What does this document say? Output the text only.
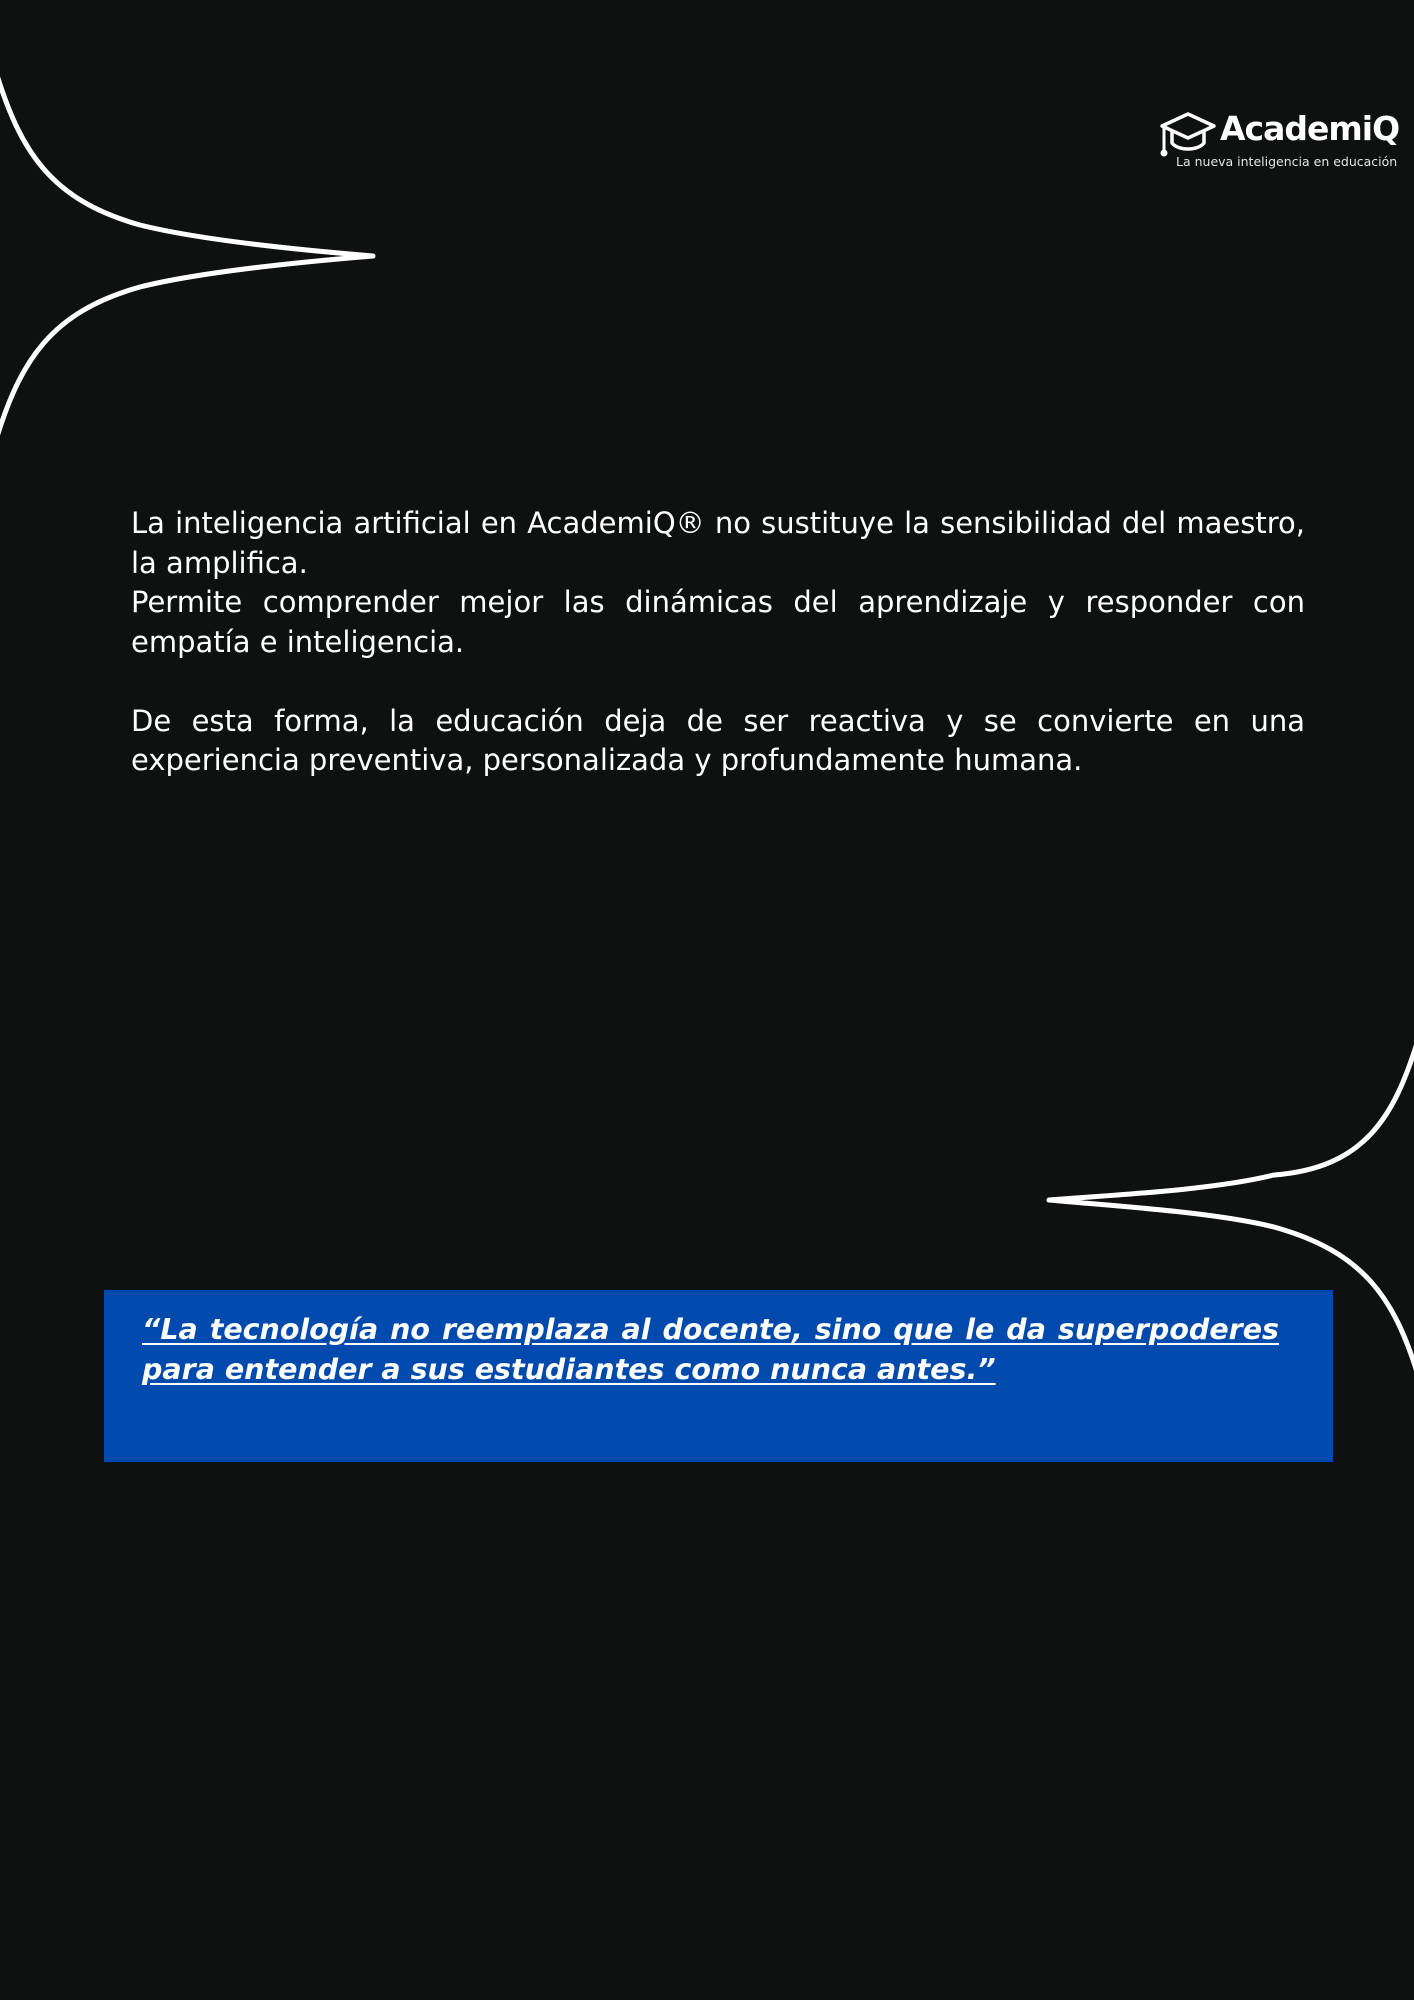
AcademiQ
La nueva inteligencia en educación

La inteligencia artificial en AcademiQ® no sustituye la sensibilidad del maestro, la amplifica.

Permite comprender mejor las dinámicas del aprendizaje y responder con empatía e inteligencia.

De esta forma, la educación deja de ser reactiva y se convierte en una experiencia preventiva, personalizada y profundamente humana.

“La tecnología no reemplaza al docente, sino que le da superpoderes para entender a sus estudiantes como nunca antes.”
